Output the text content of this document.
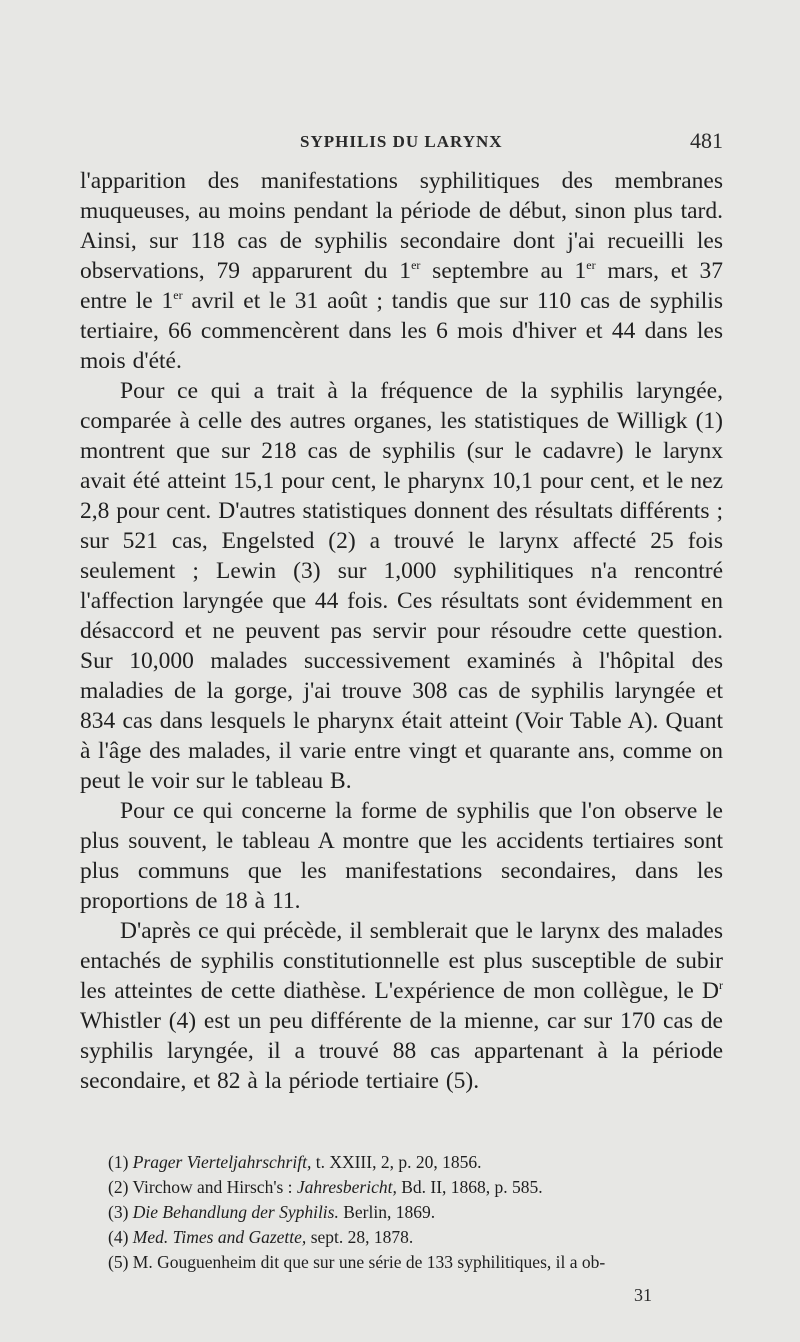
SYPHILIS DU LARYNX	481

l'apparition des manifestations syphilitiques des membranes muqueuses, au moins pendant la période de début, sinon plus tard. Ainsi, sur 118 cas de syphilis secondaire dont j'ai recueilli les observations, 79 apparurent du 1er septembre au 1er mars, et 37 entre le 1er avril et le 31 août ; tandis que sur 110 cas de syphilis tertiaire, 66 commencèrent dans les 6 mois d'hiver et 44 dans les mois d'été.

Pour ce qui a trait à la fréquence de la syphilis laryngée, comparée à celle des autres organes, les statistiques de Willigk (1) montrent que sur 218 cas de syphilis (sur le cadavre) le larynx avait été atteint 15,1 pour cent, le pharynx 10,1 pour cent, et le nez 2,8 pour cent. D'autres statistiques donnent des résultats différents ; sur 521 cas, Engelsted (2) a trouvé le larynx affecté 25 fois seulement ; Lewin (3) sur 1,000 syphilitiques n'a rencontré l'affection laryngée que 44 fois. Ces résultats sont évidemment en désaccord et ne peuvent pas servir pour résoudre cette question. Sur 10,000 malades successivement examinés à l'hôpital des maladies de la gorge, j'ai trouve 308 cas de syphilis laryngée et 834 cas dans lesquels le pharynx était atteint (Voir Table A). Quant à l'âge des malades, il varie entre vingt et quarante ans, comme on peut le voir sur le tableau B.

Pour ce qui concerne la forme de syphilis que l'on observe le plus souvent, le tableau A montre que les accidents tertiaires sont plus communs que les manifestations secondaires, dans les proportions de 18 à 11.

D'après ce qui précède, il semblerait que le larynx des malades entachés de syphilis constitutionnelle est plus susceptible de subir les atteintes de cette diathèse. L'expérience de mon collègue, le $D^r$ Whistler (4) est un peu différente de la mienne, car sur 170 cas de syphilis laryngée, il a trouvé 88 cas appartenant à la période secondaire, et 82 à la période tertiaire (5).

(1) Prager Vierteljahrschrift, t. XXIII, 2, p. 20, 1856.
(2) Virchow and Hirsch's : Jahresbericht, Bd. II, 1868, p. 585.
(3) Die Behandlung der Syphilis. Berlin, 1869.
(4) Med. Times and Gazette, sept. 28, 1878.
(5) M. Gouguenheim dit que sur une série de 133 syphilitiques, il a ob-
31
